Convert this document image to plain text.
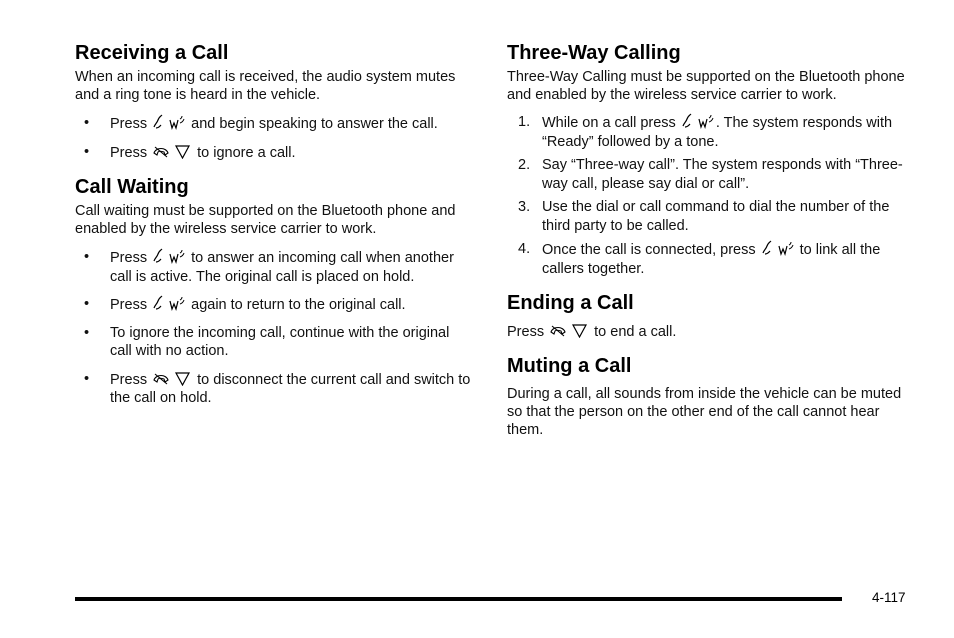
Receiving a Call

When an incoming call is received, the audio system mutes and a ring tone is heard in the vehicle.

• Press	and begin speaking to answer the call.
• Press	to ignore a call.
Call Waiting

Call waiting must be supported on the Bluetooth phone and enabled by the wireless service carrier to work.

• Press	to answer an incoming call when another call is active. The original call is placed on hold.
• Press	again to return to the original call.
• To ignore the incoming call, continue with the original call with no action.
• Press	to disconnect the current call and switch to the call on hold.
Three-Way Calling

Three-Way Calling must be supported on the Bluetooth phone and enabled by the wireless service carrier to work.

1. While on a call press	. The system responds with “Ready” followed by a tone.
2. Say “Three-way call”. The system responds with “Three-way call, please say dial or call”.
3. Use the dial or call command to dial the number of the third party to be called.
4. Once the call is connected, press	to link all the callers together.
Ending a Call

Press	to end a call.

Muting a Call

During a call, all sounds from inside the vehicle can be muted so that the person on the other end of the call cannot hear them.

4-117
